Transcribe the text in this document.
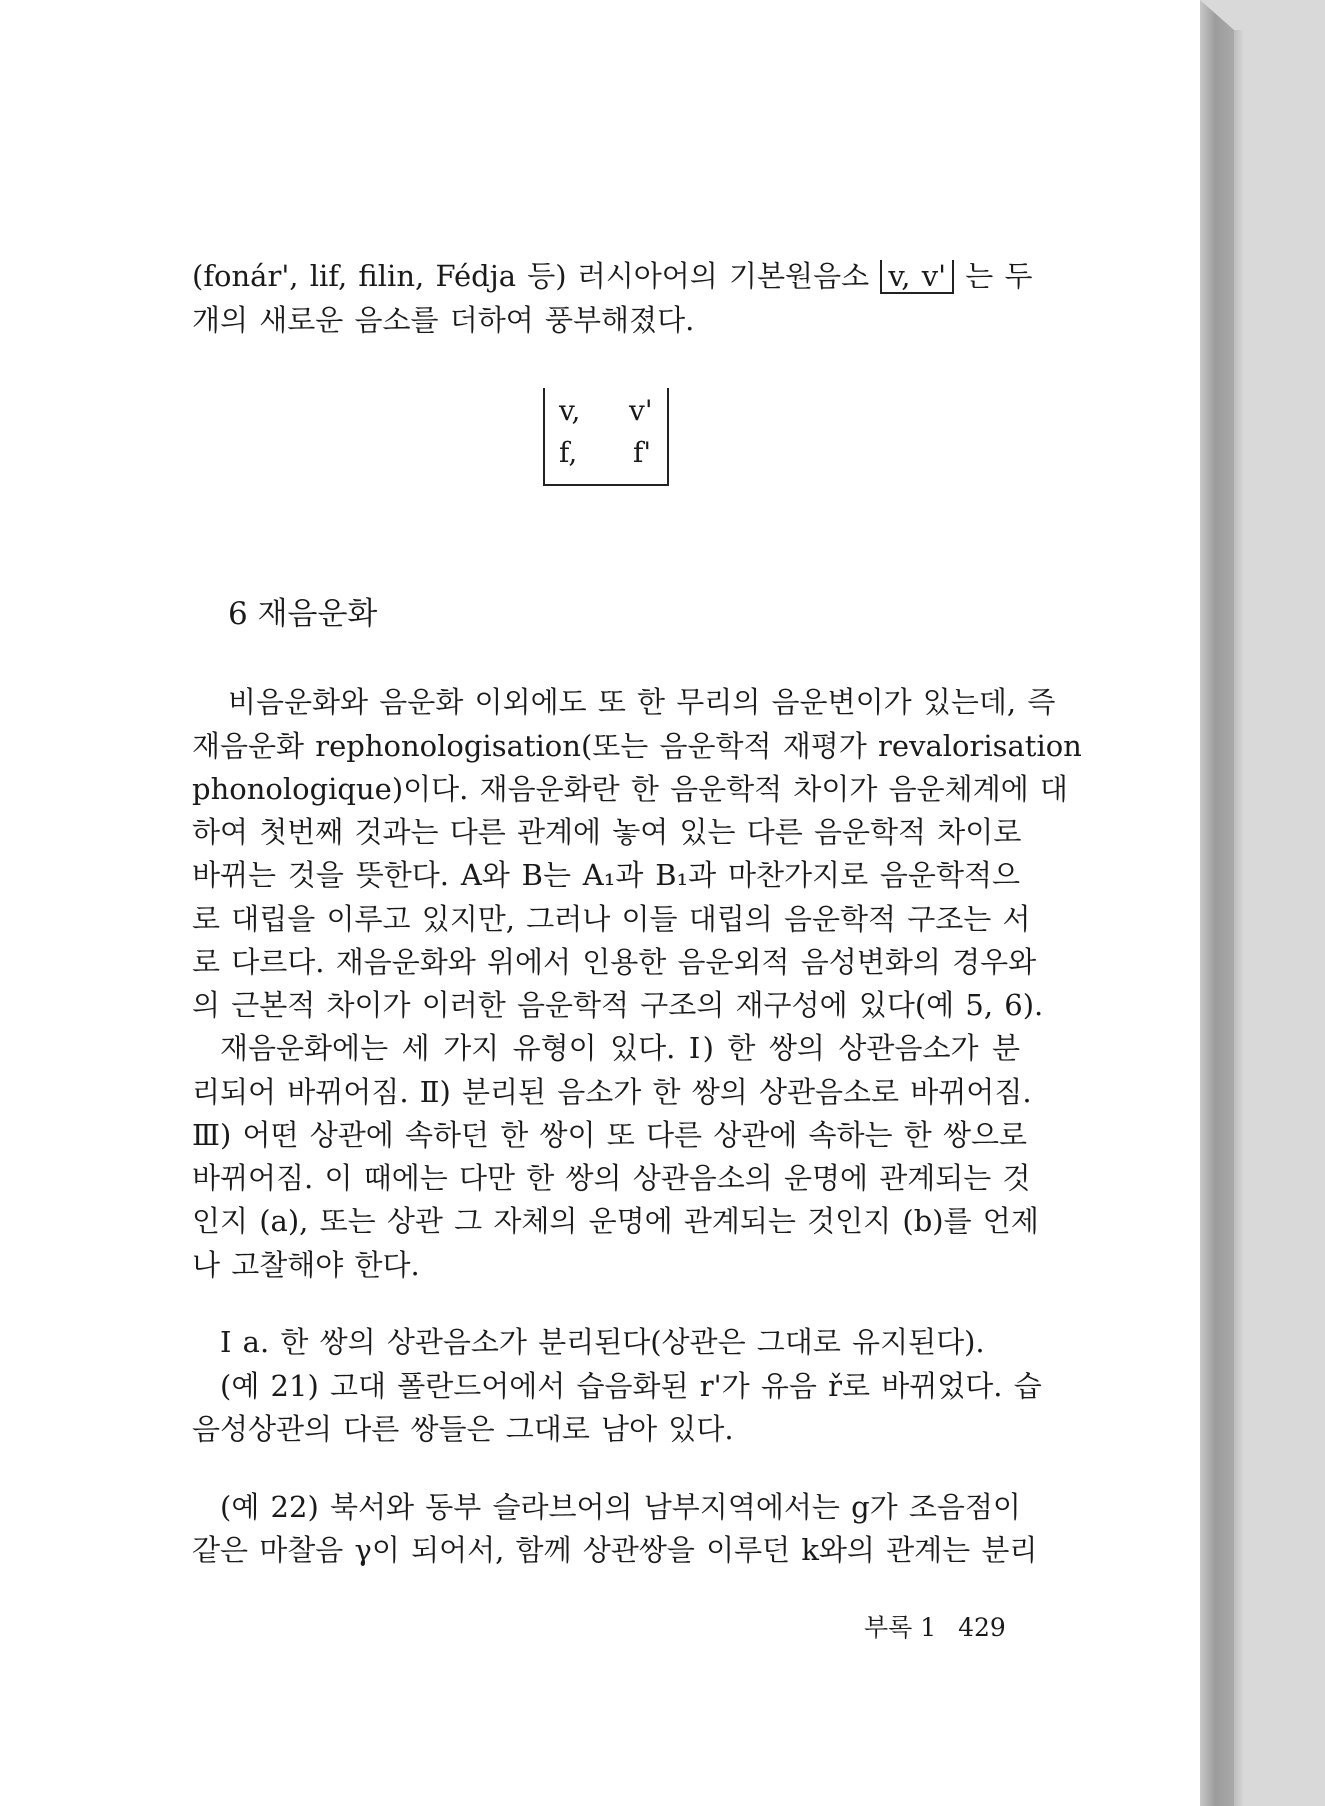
(fonár', lif, filin, Fédja 등) 러시아어의 기본원음소 v, v' 는 두
개의 새로운 음소를 더하여 풍부해졌다.
v, v'
f, f'
6 재음운화
비음운화와 음운화 이외에도 또 한 무리의 음운변이가 있는데, 즉
재음운화 rephonologisation(또는 음운학적 재평가 revalorisation
phonologique)이다. 재음운화란 한 음운학적 차이가 음운체계에 대
하여 첫번째 것과는 다른 관계에 놓여 있는 다른 음운학적 차이로
바뀌는 것을 뜻한다. A와 B는 A₁과 B₁과 마찬가지로 음운학적으
로 대립을 이루고 있지만, 그러나 이들 대립의 음운학적 구조는 서
로 다르다. 재음운화와 위에서 인용한 음운외적 음성변화의 경우와
의 근본적 차이가 이러한 음운학적 구조의 재구성에 있다(예 5, 6).
재음운화에는 세 가지 유형이 있다. Ⅰ) 한 쌍의 상관음소가 분
리되어 바뀌어짐. Ⅱ) 분리된 음소가 한 쌍의 상관음소로 바뀌어짐.
Ⅲ) 어떤 상관에 속하던 한 쌍이 또 다른 상관에 속하는 한 쌍으로
바뀌어짐. 이 때에는 다만 한 쌍의 상관음소의 운명에 관계되는 것
인지 (a), 또는 상관 그 자체의 운명에 관계되는 것인지 (b)를 언제
나 고찰해야 한다.
Ⅰ a. 한 쌍의 상관음소가 분리된다(상관은 그대로 유지된다).
(예 21) 고대 폴란드어에서 습음화된 r'가 유음 ř로 바뀌었다. 습
음성상관의 다른 쌍들은 그대로 남아 있다.
(예 22) 북서와 동부 슬라브어의 남부지역에서는 g가 조음점이
같은 마찰음 γ이 되어서, 함께 상관쌍을 이루던 k와의 관계는 분리
부록 1 429
